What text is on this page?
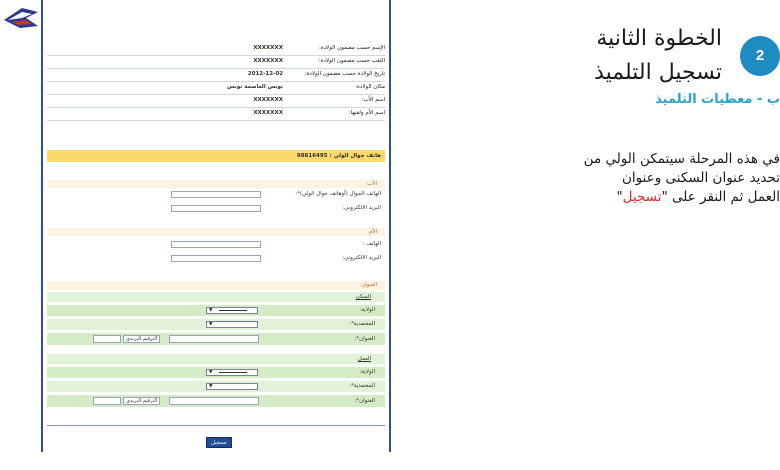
الإسم حسب مضمون الولادة:
XXXXXXX
اللقب حسب مضمون الولادة:
XXXXXXX
تاريخ الولادة حسب مضمون الولادة:
2012-12-02
مكان الولادة:
تونس العاصمة تونس
اسم الأب:
XXXXXXX
اسم الأم ولقبها:
XXXXXXX
هاتف جوال الولي : 98816495
الأب
الهاتف الجوال (أوهاتف جوال الولي)*:
البريد الالكتروني:
الأم
الهاتف :
البريد الالكتروني:
العنوان
السكن
الولاية:
▼
المعتمدية*:
▼
العنوان*:
الترقيم البريدي
العمل
الولاية:
▼
المعتمدية*:
▼
العنوان*:
الترقيم البريدي
تسجيل
2
الخطوة الثانية
تسجيل التلميذ
ب - معطيات التلميذ
في هذه المرحلة سيتمكن الولي من
تحديد عنوان السكنى وعنوان
العمل ثم النقر على "تسجيل"
